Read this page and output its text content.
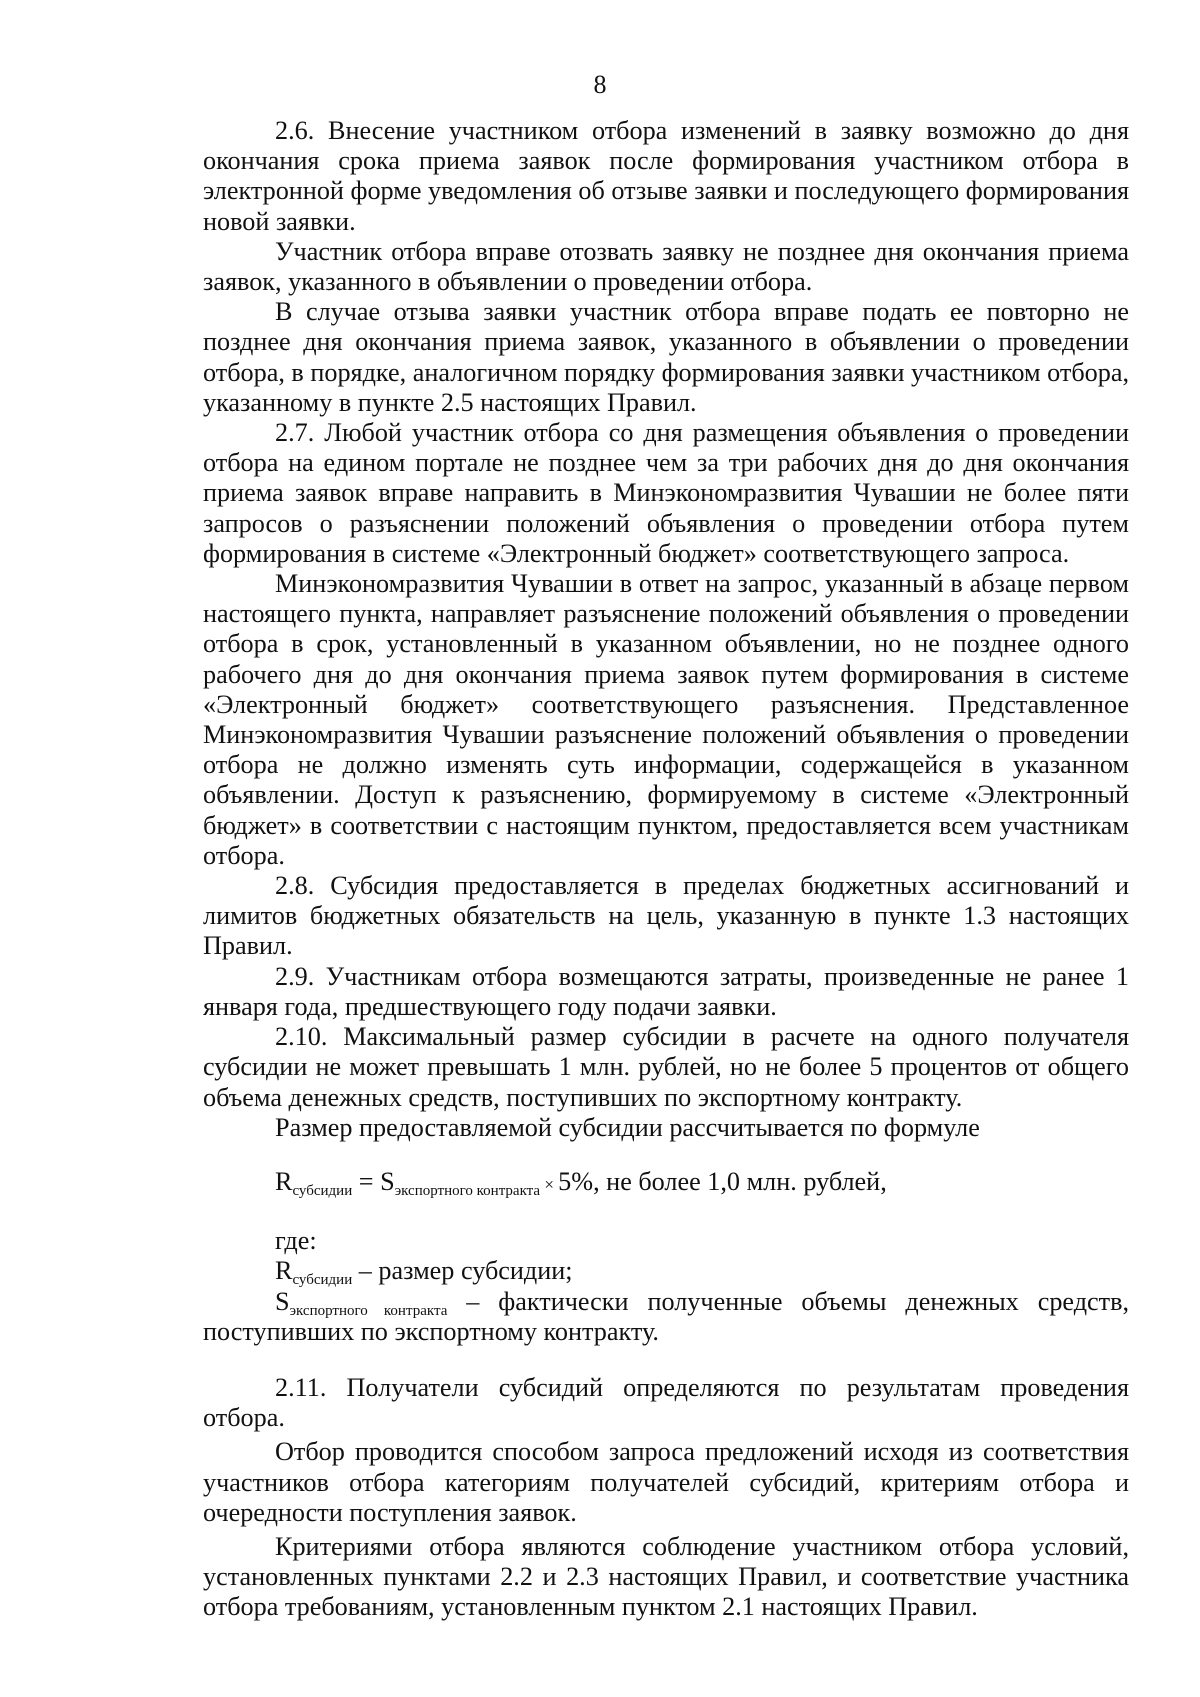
8

2.6. Внесение участником отбора изменений в заявку возможно до дня окончания срока приема заявок после формирования участником отбора в электронной форме уведомления об отзыве заявки и последующего формирования новой заявки.

Участник отбора вправе отозвать заявку не позднее дня окончания приема заявок, указанного в объявлении о проведении отбора.

В случае отзыва заявки участник отбора вправе подать ее повторно не позднее дня окончания приема заявок, указанного в объявлении о проведении отбора, в порядке, аналогичном порядку формирования заявки участником отбора, указанному в пункте 2.5 настоящих Правил.

2.7. Любой участник отбора со дня размещения объявления о проведении отбора на едином портале не позднее чем за три рабочих дня до дня окончания приема заявок вправе направить в Минэкономразвития Чувашии не более пяти запросов о разъяснении положений объявления о проведении отбора путем формирования в системе «Электронный бюджет» соответствующего запроса.

Минэкономразвития Чувашии в ответ на запрос, указанный в абзаце первом настоящего пункта, направляет разъяснение положений объявления о проведении отбора в срок, установленный в указанном объявлении, но не позднее одного рабочего дня до дня окончания приема заявок путем формирования в системе «Электронный бюджет» соответствующего разъяснения. Представленное Минэкономразвития Чувашии разъяснение положений объявления о проведении отбора не должно изменять суть информации, содержащейся в указанном объявлении. Доступ к разъяснению, формируемому в системе «Электронный бюджет» в соответствии с настоящим пунктом, предоставляется всем участникам отбора.

2.8. Субсидия предоставляется в пределах бюджетных ассигнований и лимитов бюджетных обязательств на цель, указанную в пункте 1.3 настоящих Правил.

2.9. Участникам отбора возмещаются затраты, произведенные не ранее 1 января года, предшествующего году подачи заявки.

2.10. Максимальный размер субсидии в расчете на одного получателя субсидии не может превышать 1 млн. рублей, но не более 5 процентов от общего объема денежных средств, поступивших по экспортному контракту.

Размер предоставляемой субсидии рассчитывается по формуле

$R_{субсидии} = S_{экспортного контракта} \times 5\%$, не более 1,0 млн. рублей,

где:

$R_{субсидии}$ – размер субсидии;

$S_{экспортного контракта}$ – фактически полученные объемы денежных средств, поступивших по экспортному контракту.

2.11. Получатели субсидий определяются по результатам проведения отбора.

Отбор проводится способом запроса предложений исходя из соответствия участников отбора категориям получателей субсидий, критериям отбора и очередности поступления заявок.

Критериями отбора являются соблюдение участником отбора условий, установленных пунктами 2.2 и 2.3 настоящих Правил, и соответствие участника отбора требованиям, установленным пунктом 2.1 настоящих Правил.
